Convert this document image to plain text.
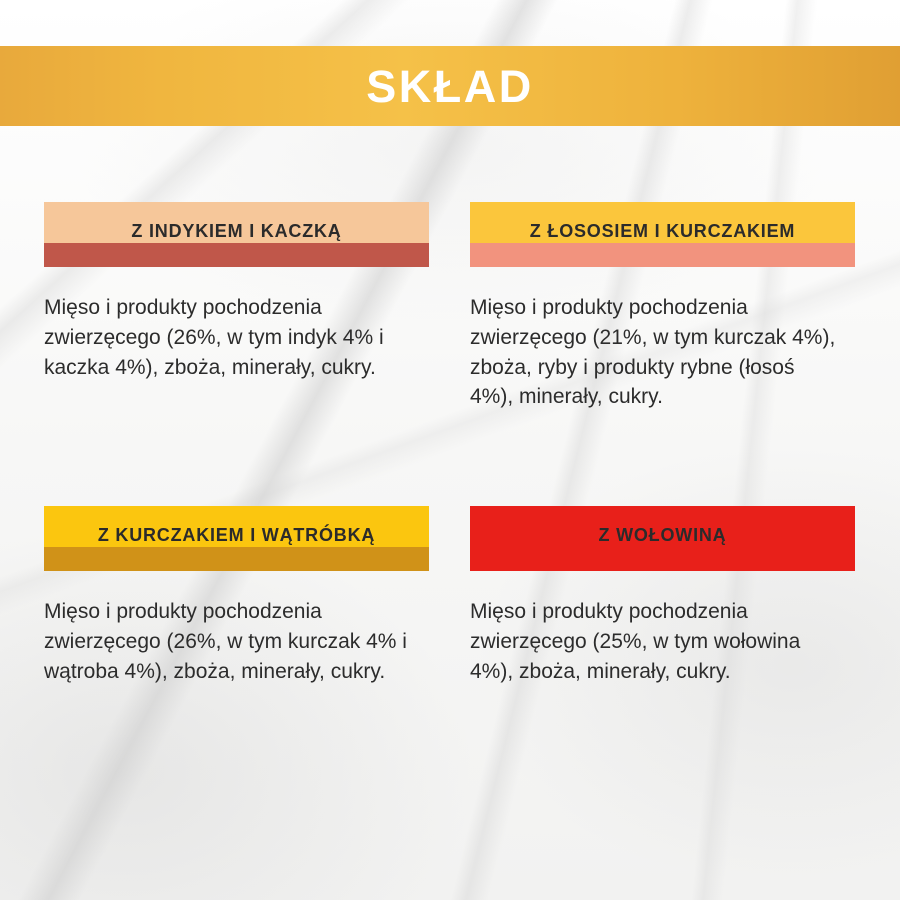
SKŁAD
Z INDYKIEM I KACZKĄ
Mięso i produkty pochodzenia zwierzęcego (26%, w tym indyk 4% i kaczka 4%), zboża, minerały, cukry.
Z ŁOSOSIEM I KURCZAKIEM
Mięso i produkty pochodzenia zwierzęcego (21%, w tym kurczak 4%), zboża, ryby i produkty rybne (łosoś 4%), minerały, cukry.
Z KURCZAKIEM I WĄTRÓBKĄ
Mięso i produkty pochodzenia zwierzęcego (26%, w tym kurczak 4% i wątroba 4%), zboża, minerały, cukry.
Z WOŁOWINĄ
Mięso i produkty pochodzenia zwierzęcego (25%, w tym wołowina 4%), zboża, minerały, cukry.
